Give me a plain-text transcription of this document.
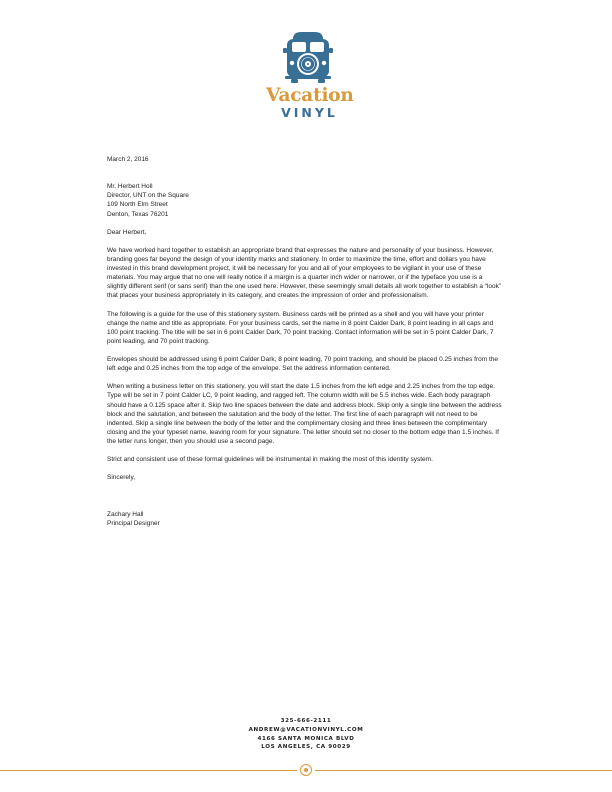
Vacation
VINYL

March 2, 2016

Mr. Herbert Holl

Director, UNT on the Square

109 North Elm Street

Denton, Texas 76201

Dear Herbert,

We have worked hard together to establish an appropriate brand that expresses the nature and personality of your business. However, branding goes far beyond the design of your identity marks and stationery. In order to maximize the time, effort and dollars you have invested in this brand development project, it will be necessary for you and all of your employees to be vigilant in your use of these materials. You may argue that no one will really notice if a margin is a quarter inch wider or narrower, or if the typeface you use is a slightly different serif (or sans serif) than the one used here. However, these seemingly small details all work together to establish a “look” that places your business appropriately in its category, and creates the impression of order and professionalism.

The following is a guide for the use of this stationery system. Business cards will be printed as a shell and you will have your printer change the name and title as appropriate. For your business cards, set the name in 8 point Calder Dark, 8 point leading in all caps and 100 point tracking. The title will be set in 6 point Calder Dark, 70 point tracking. Contact information will be set in 5 point Calder Dark, 7 point leading, and 70 point tracking.

Envelopes should be addressed using 6 point Calder Dark, 8 point leading, 70 point tracking, and should be placed 0.25 inches from the left edge and 0.25 inches from the top edge of the envelope. Set the address information centered.

When writing a business letter on this stationery, you will start the date 1.5 inches from the left edge and 2.25 inches from the top edge. Type will be set in 7 point Calder LC, 9 point leading, and ragged left. The column width will be 5.5 inches wide. Each body paragraph should have a 0.125 space after it. Skip two line spaces between the date and address block. Skip only a single line between the address block and the salutation, and between the salutation and the body of the letter. The first line of each paragraph will not need to be indented. Skip a single line between the body of the letter and the complimentary closing and three lines between the complimentary closing and the your typeset name, leaving room for your signature. The letter should set no closer to the bottom edge than 1.5 inches. If the letter runs longer, then you should use a second page.

Strict and consistent use of these formal guidelines will be instrumental in making the most of this identity system.

Sincerely,

Zachary Hall

Principal Designer

325-666-2111
ANDREW@VACATIONVINYL.COM
4166 SANTA MONICA BLVD
LOS ANGELES, CA 90029
